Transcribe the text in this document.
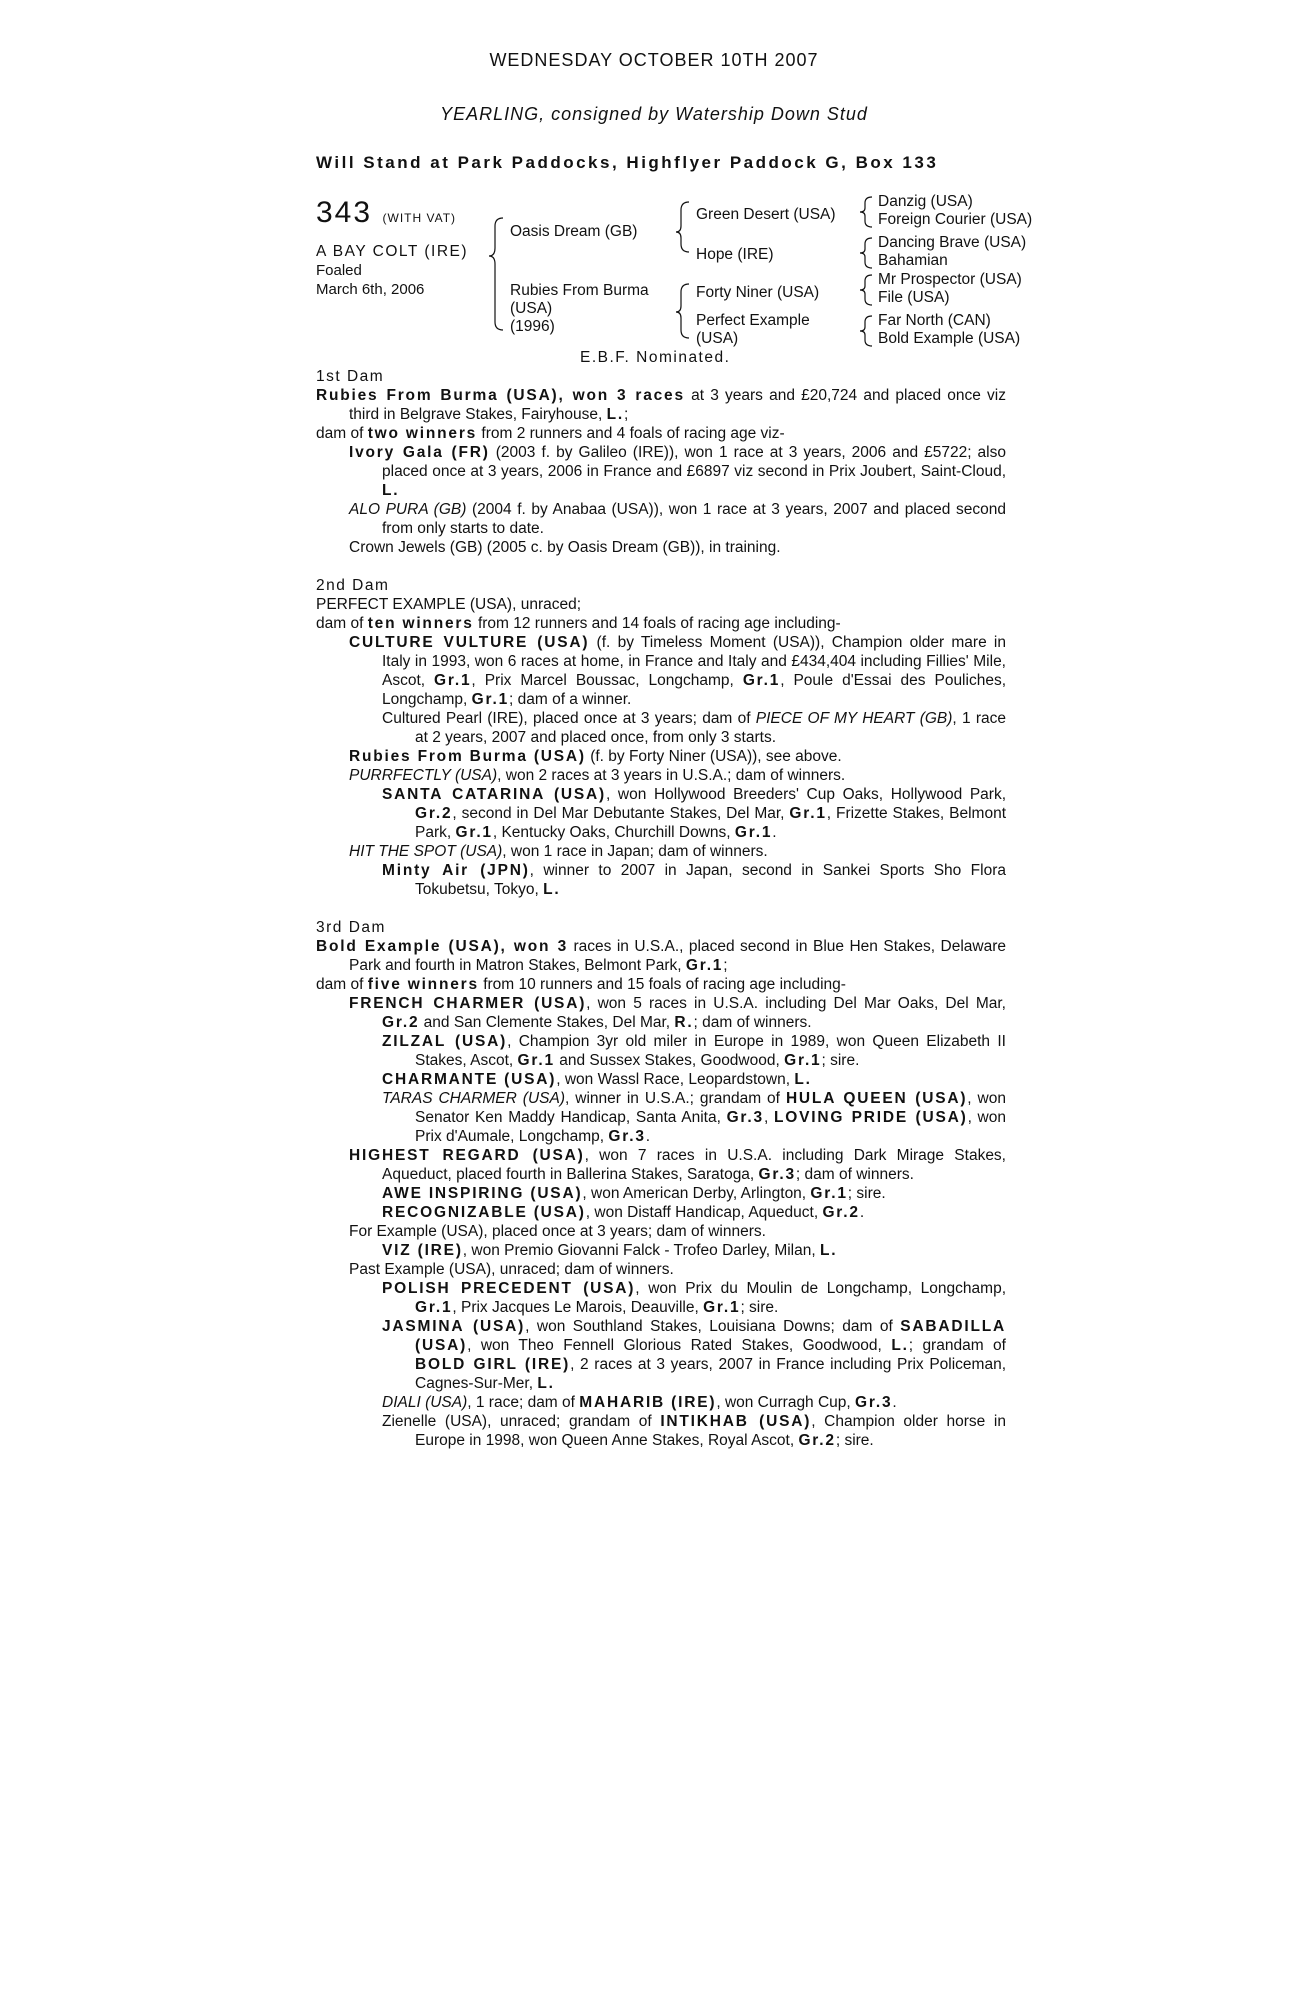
WEDNESDAY OCTOBER 10TH 2007
YEARLING, consigned by Watership Down Stud
Will Stand at Park Paddocks, Highflyer Paddock G, Box 133
343 (WITH VAT)
A BAY COLT (IRE)
Foaled
March 6th, 2006
Oasis Dream (GB)
Rubies From Burma
(USA)
(1996)
Green Desert (USA)
Hope (IRE)
Forty Niner (USA)
Perfect Example
(USA)
Danzig (USA)
Foreign Courier (USA)
Dancing Brave (USA)
Bahamian
Mr Prospector (USA)
File (USA)
Far North (CAN)
Bold Example (USA)
E.B.F. Nominated.
1st Dam
Rubies From Burma (USA), won 3 races at 3 years and £20,724 and placed once viz third in Belgrave Stakes, Fairyhouse, L.;
dam of two winners from 2 runners and 4 foals of racing age viz-
Ivory Gala (FR) (2003 f. by Galileo (IRE)), won 1 race at 3 years, 2006 and £5722; also placed once at 3 years, 2006 in France and £6897 viz second in Prix Joubert, Saint-Cloud, L.
ALO PURA (GB) (2004 f. by Anabaa (USA)), won 1 race at 3 years, 2007 and placed second from only starts to date.
Crown Jewels (GB) (2005 c. by Oasis Dream (GB)), in training.
2nd Dam
PERFECT EXAMPLE (USA), unraced;
dam of ten winners from 12 runners and 14 foals of racing age including-
CULTURE VULTURE (USA) (f. by Timeless Moment (USA)), Champion older mare in Italy in 1993, won 6 races at home, in France and Italy and £434,404 including Fillies' Mile, Ascot, Gr.1, Prix Marcel Boussac, Longchamp, Gr.1, Poule d'Essai des Pouliches, Longchamp, Gr.1; dam of a winner.
Cultured Pearl (IRE), placed once at 3 years; dam of PIECE OF MY HEART (GB), 1 race at 2 years, 2007 and placed once, from only 3 starts.
Rubies From Burma (USA) (f. by Forty Niner (USA)), see above.
PURRFECTLY (USA), won 2 races at 3 years in U.S.A.; dam of winners.
SANTA CATARINA (USA), won Hollywood Breeders' Cup Oaks, Hollywood Park, Gr.2, second in Del Mar Debutante Stakes, Del Mar, Gr.1, Frizette Stakes, Belmont Park, Gr.1, Kentucky Oaks, Churchill Downs, Gr.1.
HIT THE SPOT (USA), won 1 race in Japan; dam of winners.
Minty Air (JPN), winner to 2007 in Japan, second in Sankei Sports Sho Flora Tokubetsu, Tokyo, L.
3rd Dam
Bold Example (USA), won 3 races in U.S.A., placed second in Blue Hen Stakes, Delaware Park and fourth in Matron Stakes, Belmont Park, Gr.1;
dam of five winners from 10 runners and 15 foals of racing age including-
FRENCH CHARMER (USA), won 5 races in U.S.A. including Del Mar Oaks, Del Mar, Gr.2 and San Clemente Stakes, Del Mar, R.; dam of winners.
ZILZAL (USA), Champion 3yr old miler in Europe in 1989, won Queen Elizabeth II Stakes, Ascot, Gr.1 and Sussex Stakes, Goodwood, Gr.1; sire.
CHARMANTE (USA), won Wassl Race, Leopardstown, L.
TARAS CHARMER (USA), winner in U.S.A.; grandam of HULA QUEEN (USA), won Senator Ken Maddy Handicap, Santa Anita, Gr.3, LOVING PRIDE (USA), won Prix d'Aumale, Longchamp, Gr.3.
HIGHEST REGARD (USA), won 7 races in U.S.A. including Dark Mirage Stakes, Aqueduct, placed fourth in Ballerina Stakes, Saratoga, Gr.3; dam of winners.
AWE INSPIRING (USA), won American Derby, Arlington, Gr.1; sire.
RECOGNIZABLE (USA), won Distaff Handicap, Aqueduct, Gr.2.
For Example (USA), placed once at 3 years; dam of winners.
VIZ (IRE), won Premio Giovanni Falck - Trofeo Darley, Milan, L.
Past Example (USA), unraced; dam of winners.
POLISH PRECEDENT (USA), won Prix du Moulin de Longchamp, Longchamp, Gr.1, Prix Jacques Le Marois, Deauville, Gr.1; sire.
JASMINA (USA), won Southland Stakes, Louisiana Downs; dam of SABADILLA (USA), won Theo Fennell Glorious Rated Stakes, Goodwood, L.; grandam of BOLD GIRL (IRE), 2 races at 3 years, 2007 in France including Prix Policeman, Cagnes-Sur-Mer, L.
DIALI (USA), 1 race; dam of MAHARIB (IRE), won Curragh Cup, Gr.3.
Zienelle (USA), unraced; grandam of INTIKHAB (USA), Champion older horse in Europe in 1998, won Queen Anne Stakes, Royal Ascot, Gr.2; sire.
